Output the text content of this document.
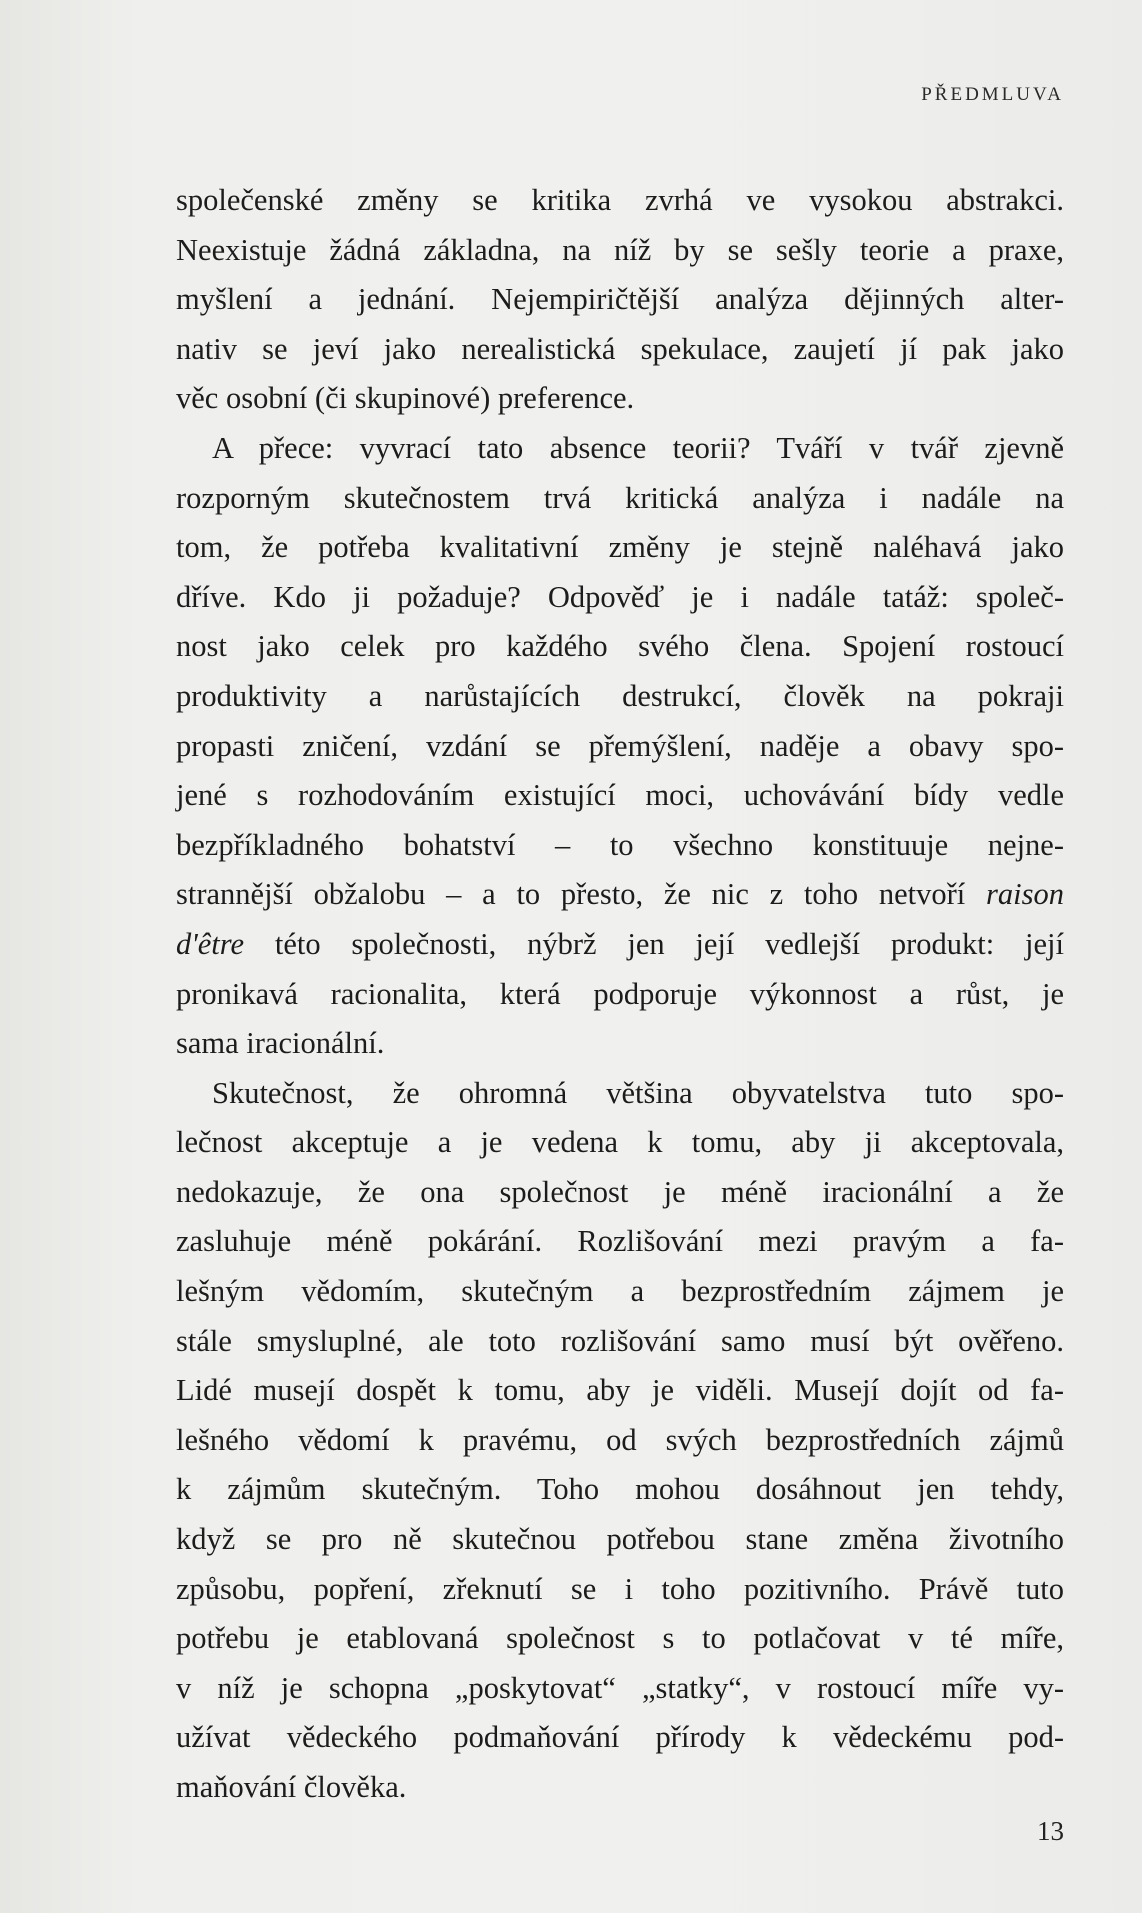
PŘEDMLUVA
společenské změny se kritika zvrhá ve vysokou abstrakci.
Neexistuje žádná základna, na níž by se sešly teorie a praxe,
myšlení a jednání. Nejempiričtější analýza dějinných alter-
nativ se jeví jako nerealistická spekulace, zaujetí jí pak jako
věc osobní (či skupinové) preference.
A přece: vyvrací tato absence teorii? Tváří v tvář zjevně
rozporným skutečnostem trvá kritická analýza i nadále na
tom, že potřeba kvalitativní změny je stejně naléhavá jako
dříve. Kdo ji požaduje? Odpověď je i nadále tatáž: společ-
nost jako celek pro každého svého člena. Spojení rostoucí
produktivity a narůstajících destrukcí, člověk na pokraji
propasti zničení, vzdání se přemýšlení, naděje a obavy spo-
jené s rozhodováním existující moci, uchovávání bídy vedle
bezpříkladného bohatství – to všechno konstituuje nejne-
strannější obžalobu – a to přesto, že nic z toho netvoří raison
d'être této společnosti, nýbrž jen její vedlejší produkt: její
pronikavá racionalita, která podporuje výkonnost a růst, je
sama iracionální.
Skutečnost, že ohromná většina obyvatelstva tuto spo-
lečnost akceptuje a je vedena k tomu, aby ji akceptovala,
nedokazuje, že ona společnost je méně iracionální a že
zasluhuje méně pokárání. Rozlišování mezi pravým a fa-
lešným vědomím, skutečným a bezprostředním zájmem je
stále smysluplné, ale toto rozlišování samo musí být ověřeno.
Lidé musejí dospět k tomu, aby je viděli. Musejí dojít od fa-
lešného vědomí k pravému, od svých bezprostředních zájmů
k zájmům skutečným. Toho mohou dosáhnout jen tehdy,
když se pro ně skutečnou potřebou stane změna životního
způsobu, popření, zřeknutí se i toho pozitivního. Právě tuto
potřebu je etablovaná společnost s to potlačovat v té míře,
v níž je schopna „poskytovat“ „statky“, v rostoucí míře vy-
užívat vědeckého podmaňování přírody k vědeckému pod-
maňování člověka.
13
